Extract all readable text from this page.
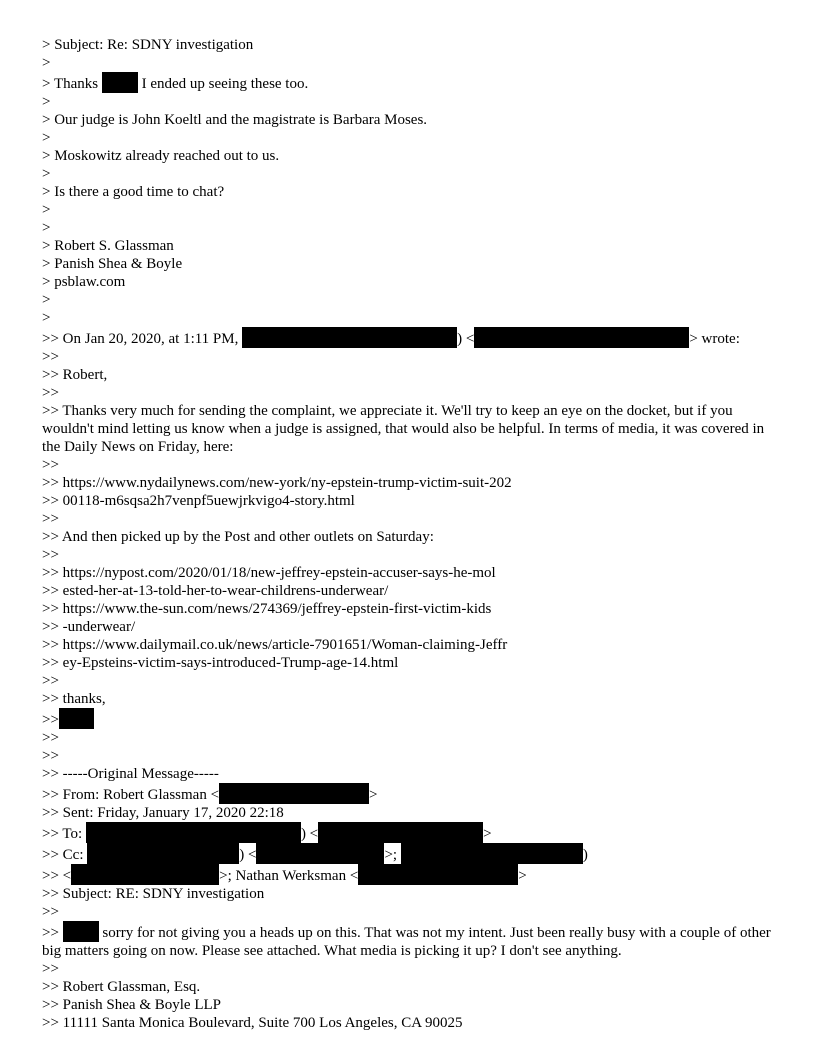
> Subject: Re: SDNY investigation
>
> Thanks  I ended up seeing these too.
>
> Our judge is John Koeltl and the magistrate is Barbara Moses.
>
> Moskowitz already reached out to us.
>
> Is there a good time to chat?
>
>
> Robert S. Glassman
> Panish Shea & Boyle
> psblaw.com
>
>
>> On Jan 20, 2020, at 1:11 PM,	) <	> wrote:
>>
>> Robert,
>>
>> Thanks very much for sending the complaint, we appreciate it. We'll try to keep an eye on the docket, but if you wouldn't mind letting us know when a judge is assigned, that would also be helpful. In terms of media, it was covered in the Daily News on Friday, here:
>>
>> https://www.nydailynews.com/new-york/ny-epstein-trump-victim-suit-202
>> 00118-m6sqsa2h7venpf5uewjrkvigo4-story.html
>>
>> And then picked up by the Post and other outlets on Saturday:
>>
>> https://nypost.com/2020/01/18/new-jeffrey-epstein-accuser-says-he-mol
>> ested-her-at-13-told-her-to-wear-childrens-underwear/
>> https://www.the-sun.com/news/274369/jeffrey-epstein-first-victim-kids
>> -underwear/
>> https://www.dailymail.co.uk/news/article-7901651/Woman-claiming-Jeffr
>> ey-Epsteins-victim-says-introduced-Trump-age-14.html
>>
>> thanks,
>>
>>
>>
>> -----Original Message-----
>> From: Robert Glassman <	>
>> Sent: Friday, January 17, 2020 22:18
>> To:	) <	>
>> Cc:	) <	>;	)
>> <	>; Nathan Werksman <	>
>> Subject: RE: SDNY investigation
>>
>>  sorry for not giving you a heads up on this. That was not my intent. Just been really busy with a couple of other big matters going on now. Please see attached. What media is picking it up? I don't see anything.
>>
>> Robert Glassman, Esq.
>> Panish Shea & Boyle LLP
>> 11111 Santa Monica Boulevard, Suite 700 Los Angeles, CA 90025
